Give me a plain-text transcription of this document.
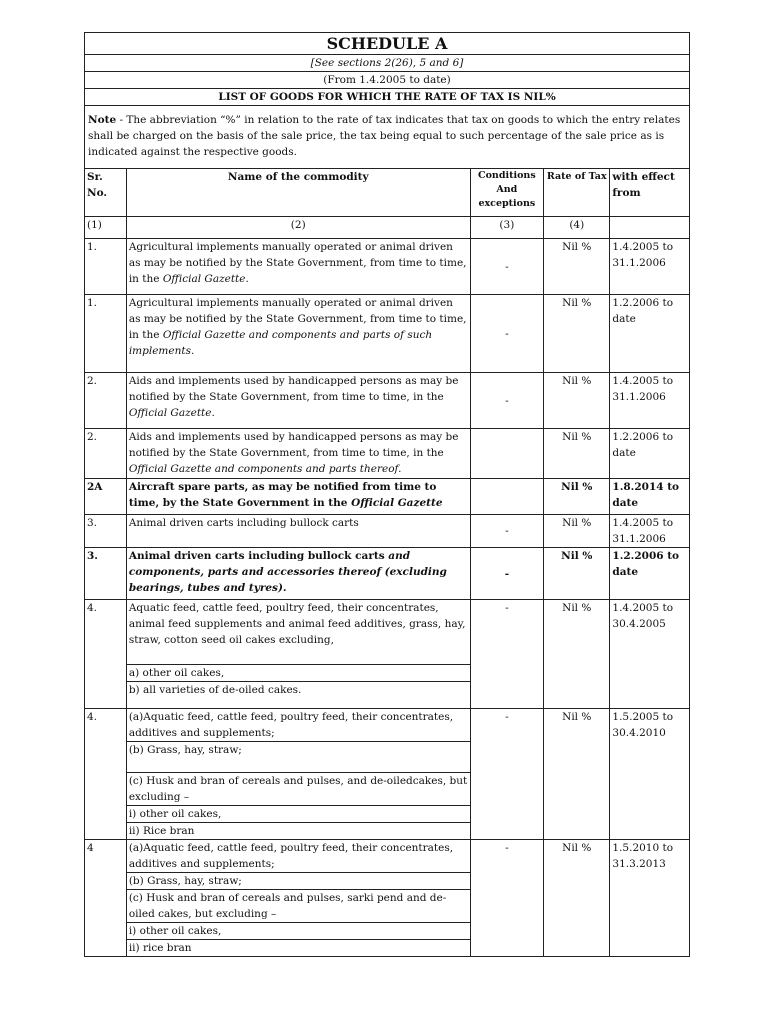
SCHEDULE A				
[See sections 2(26), 5 and 6]				
(From 1.4.2005 to date)				
LIST OF GOODS FOR WHICH THE RATE OF TAX IS NIL%				
Note - The abbreviation “%” in relation to the rate of tax indicates that tax on goods to which the entry relates shall be charged on the basis of the sale price, the tax being equal to such percentage of the sale price as is indicated against the respective goods.				
Sr. No.	Name of the commodity	Conditions And exceptions	Rate of Tax	with effect from
(1)	(2)	(3)	(4)	
1.	Agricultural implements manually operated or animal driven as may be notified by the State Government, from time to time, in the Official Gazette.	-	Nil %	1.4.2005 to 31.1.2006
1.	Agricultural implements manually operated or animal driven as may be notified by the State Government, from time to time, in the Official Gazette and components and parts of such implements.	-	Nil %	1.2.2006 to date
2.	Aids and implements used by handicapped persons as may be notified by the State Government, from time to time, in the Official Gazette.	-	Nil %	1.4.2005 to 31.1.2006
2.	Aids and implements used by handicapped persons as may be notified by the State Government, from time to time, in the Official Gazette and components and parts thereof.		Nil %	1.2.2006 to date
2A	Aircraft spare parts, as may be notified from time to time, by the State Government in the Official Gazette		Nil %	1.8.2014 to date
3.	Animal driven carts including bullock carts	-	Nil %	1.4.2005 to 31.1.2006
3.	Animal driven carts including bullock carts and components, parts and accessories thereof (excluding bearings, tubes and tyres).	-	Nil %	1.2.2006 to date
4.	Aquatic feed, cattle feed, poultry feed, their concentrates, animal feed supplements and animal feed additives, grass, hay, straw, cotton seed oil cakes excluding,
a) other oil cakes,
b) all varieties of de-oiled cakes.	-	Nil %	1.4.2005 to 30.4.2005
4.	(a)Aquatic feed, cattle feed, poultry feed, their concentrates, additives and supplements;
(b) Grass, hay, straw;
(c) Husk and bran of cereals and pulses, and de-oiledcakes, but excluding –
i) other oil cakes,
ii) Rice bran	-	Nil %	1.5.2005 to 30.4.2010
4	(a)Aquatic feed, cattle feed, poultry feed, their concentrates, additives and supplements;
(b) Grass, hay, straw;
(c) Husk and bran of cereals and pulses, sarki pend and de-oiled cakes, but excluding –
i) other oil cakes,
ii) rice bran	-	Nil %	1.5.2010 to 31.3.2013
